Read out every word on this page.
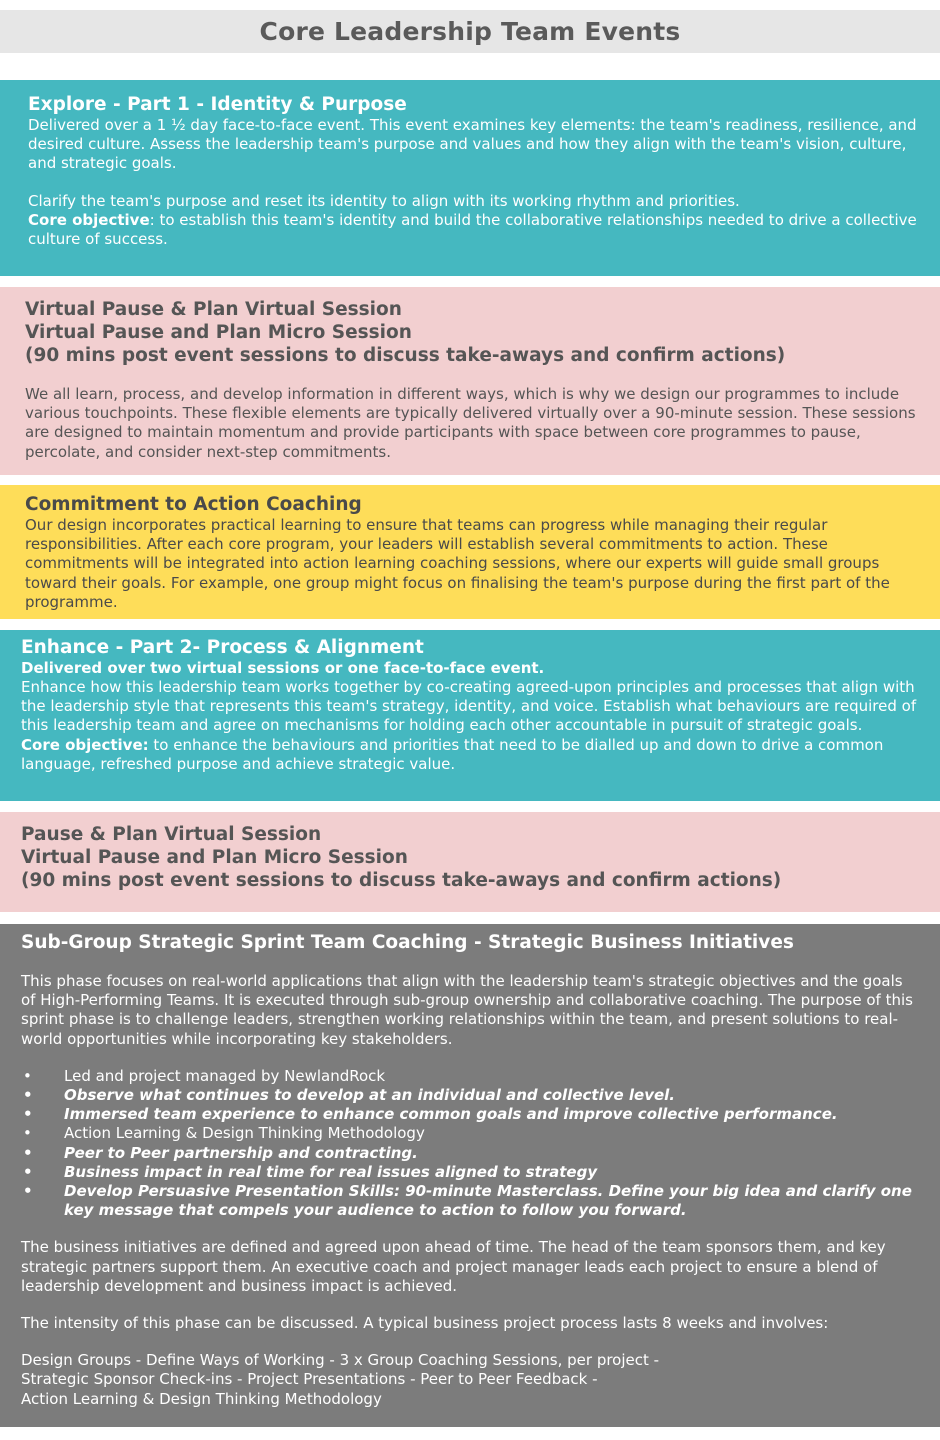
Core Leadership Team Events
Explore - Part 1 - Identity & Purpose

Delivered over a 1 ½ day face-to-face event. This event examines key elements: the team's readiness, resilience, and desired culture. Assess the leadership team's purpose and values and how they align with the team's vision, culture, and strategic goals.

Clarify the team's purpose and reset its identity to align with its working rhythm and priorities.

Core objective: to establish this team's identity and build the collaborative relationships needed to drive a collective culture of success.

Virtual Pause & Plan Virtual Session
Virtual Pause and Plan Micro Session
(90 mins post event sessions to discuss take-aways and confirm actions)

We all learn, process, and develop information in different ways, which is why we design our programmes to include various touchpoints. These flexible elements are typically delivered virtually over a 90-minute session. These sessions are designed to maintain momentum and provide participants with space between core programmes to pause, percolate, and consider next-step commitments.

Commitment to Action Coaching

Our design incorporates practical learning to ensure that teams can progress while managing their regular responsibilities. After each core program, your leaders will establish several commitments to action. These commitments will be integrated into action learning coaching sessions, where our experts will guide small groups toward their goals. For example, one group might focus on finalising the team's purpose during the first part of the programme.

Enhance - Part 2- Process & Alignment

Delivered over two virtual sessions or one face-to-face event.

Enhance how this leadership team works together by co-creating agreed-upon principles and processes that align with the leadership style that represents this team's strategy, identity, and voice. Establish what behaviours are required of this leadership team and agree on mechanisms for holding each other accountable in pursuit of strategic goals.

Core objective: to enhance the behaviours and priorities that need to be dialled up and down to drive a common language, refreshed purpose and achieve strategic value.

Pause & Plan Virtual Session
Virtual Pause and Plan Micro Session
(90 mins post event sessions to discuss take-aways and confirm actions)
Sub-Group Strategic Sprint Team Coaching - Strategic Business Initiatives

This phase focuses on real-world applications that align with the leadership team's strategic objectives and the goals of High-Performing Teams. It is executed through sub-group ownership and collaborative coaching. The purpose of this sprint phase is to challenge leaders, strengthen working relationships within the team, and present solutions to real-world opportunities while incorporating key stakeholders.

• Led and project managed by NewlandRock
• Observe what continues to develop at an individual and collective level.
• Immersed team experience to enhance common goals and improve collective performance.
• Action Learning & Design Thinking Methodology
• Peer to Peer partnership and contracting.
• Business impact in real time for real issues aligned to strategy
• Develop Persuasive Presentation Skills: 90-minute Masterclass. Define your big idea and clarify one key message that compels your audience to action to follow you forward.

The business initiatives are defined and agreed upon ahead of time. The head of the team sponsors them, and key strategic partners support them. An executive coach and project manager leads each project to ensure a blend of leadership development and business impact is achieved.

The intensity of this phase can be discussed. A typical business project process lasts 8 weeks and involves:

Design Groups - Define Ways of Working - 3 x Group Coaching Sessions, per project -

Strategic Sponsor Check-ins - Project Presentations - Peer to Peer Feedback -

Action Learning & Design Thinking Methodology
